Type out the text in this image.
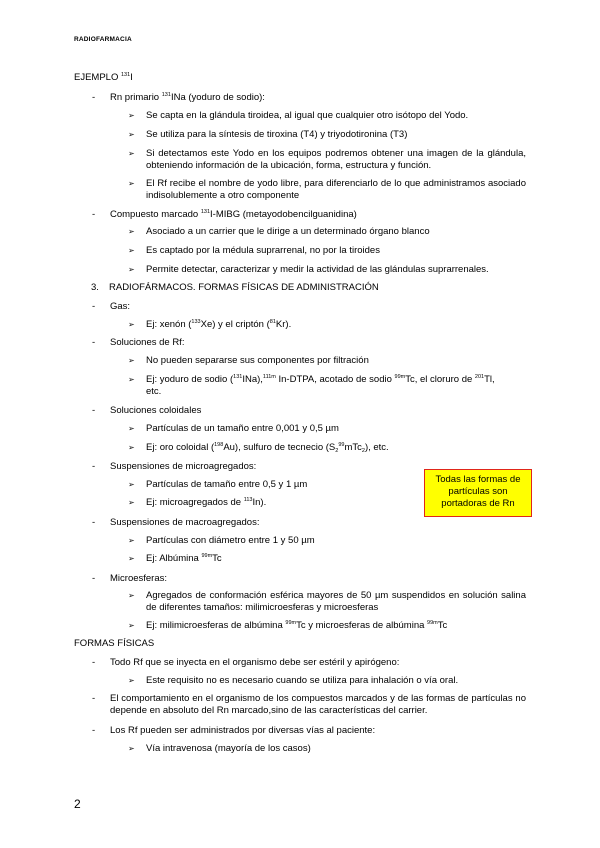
RADIOFARMACIA
EJEMPLO $^{131}$I
- Rn primario $^{131}$INa (yoduro de sodio):
➢ Se capta en la glándula tiroidea, al igual que cualquier otro isótopo del Yodo.
➢ Se utiliza para la síntesis de tiroxina (T4) y triyodotironina (T3)
➢ Si detectamos este Yodo en los equipos podremos obtener una imagen de la glándula, obteniendo información de la ubicación, forma, estructura y función.
➢ El Rf recibe el nombre de yodo libre, para diferenciarlo de lo que administramos asociado indisolublemente a otro componente
- Compuesto marcado $^{131}$I-MIBG (metayodobencilguanidina)
➢ Asociado a un carrier que le dirige a un determinado órgano blanco
➢ Es captado por la médula suprarrenal, no por la tiroides
➢ Permite detectar, caracterizar y medir la actividad de las glándulas suprarrenales.
3. RADIOFÁRMACOS. FORMAS FÍSICAS DE ADMINISTRACIÓN
- Gas:
➢ Ej: xenón ($^{133}$Xe) y el criptón ($^{81}$Kr).
- Soluciones de Rf:
➢ No pueden separarse sus componentes por filtración
➢ Ej: yoduro de sodio ($^{131}$INa),$^{111m}$ In-DTPA, acotado de sodio $^{99m}$Tc, el cloruro de $^{201}$Tl,
etc.
- Soluciones coloidales
➢ Partículas de un tamaño entre 0,001 y 0,5 µm
➢ Ej: oro coloidal ($^{198}$Au), sulfuro de tecnecio $(S_2^{99}mTc_2)$, etc.
- Suspensiones de microagregados:
➢ Partículas de tamaño entre 0,5 y 1 µm
➢ Ej: microagregados de $^{113}$In).
Todas las formas de
partículas son
portadoras de Rn
- Suspensiones de macroagregados:
➢ Partículas con diámetro entre 1 y 50 µm
➢ Ej: Albúmina $^{99m}$Tc
- Microesferas:
➢ Agregados de conformación esférica mayores de 50 µm suspendidos en solución salina de diferentes tamaños: milimicroesferas y microesferas
➢ Ej: milimicroesferas de albúmina $^{99m}$Tc y microesferas de albúmina $^{99m}$Tc
FORMAS FÍSICAS
- Todo Rf que se inyecta en el organismo debe ser estéril y apirógeno:
➢ Este requisito no es necesario cuando se utiliza para inhalación o vía oral.
- El comportamiento en el organismo de los compuestos marcados y de las formas de partículas no depende en absoluto del Rn marcado,sino de las características del carrier.
- Los Rf pueden ser administrados por diversas vías al paciente:
➢ Vía intravenosa (mayoría de los casos)
2
